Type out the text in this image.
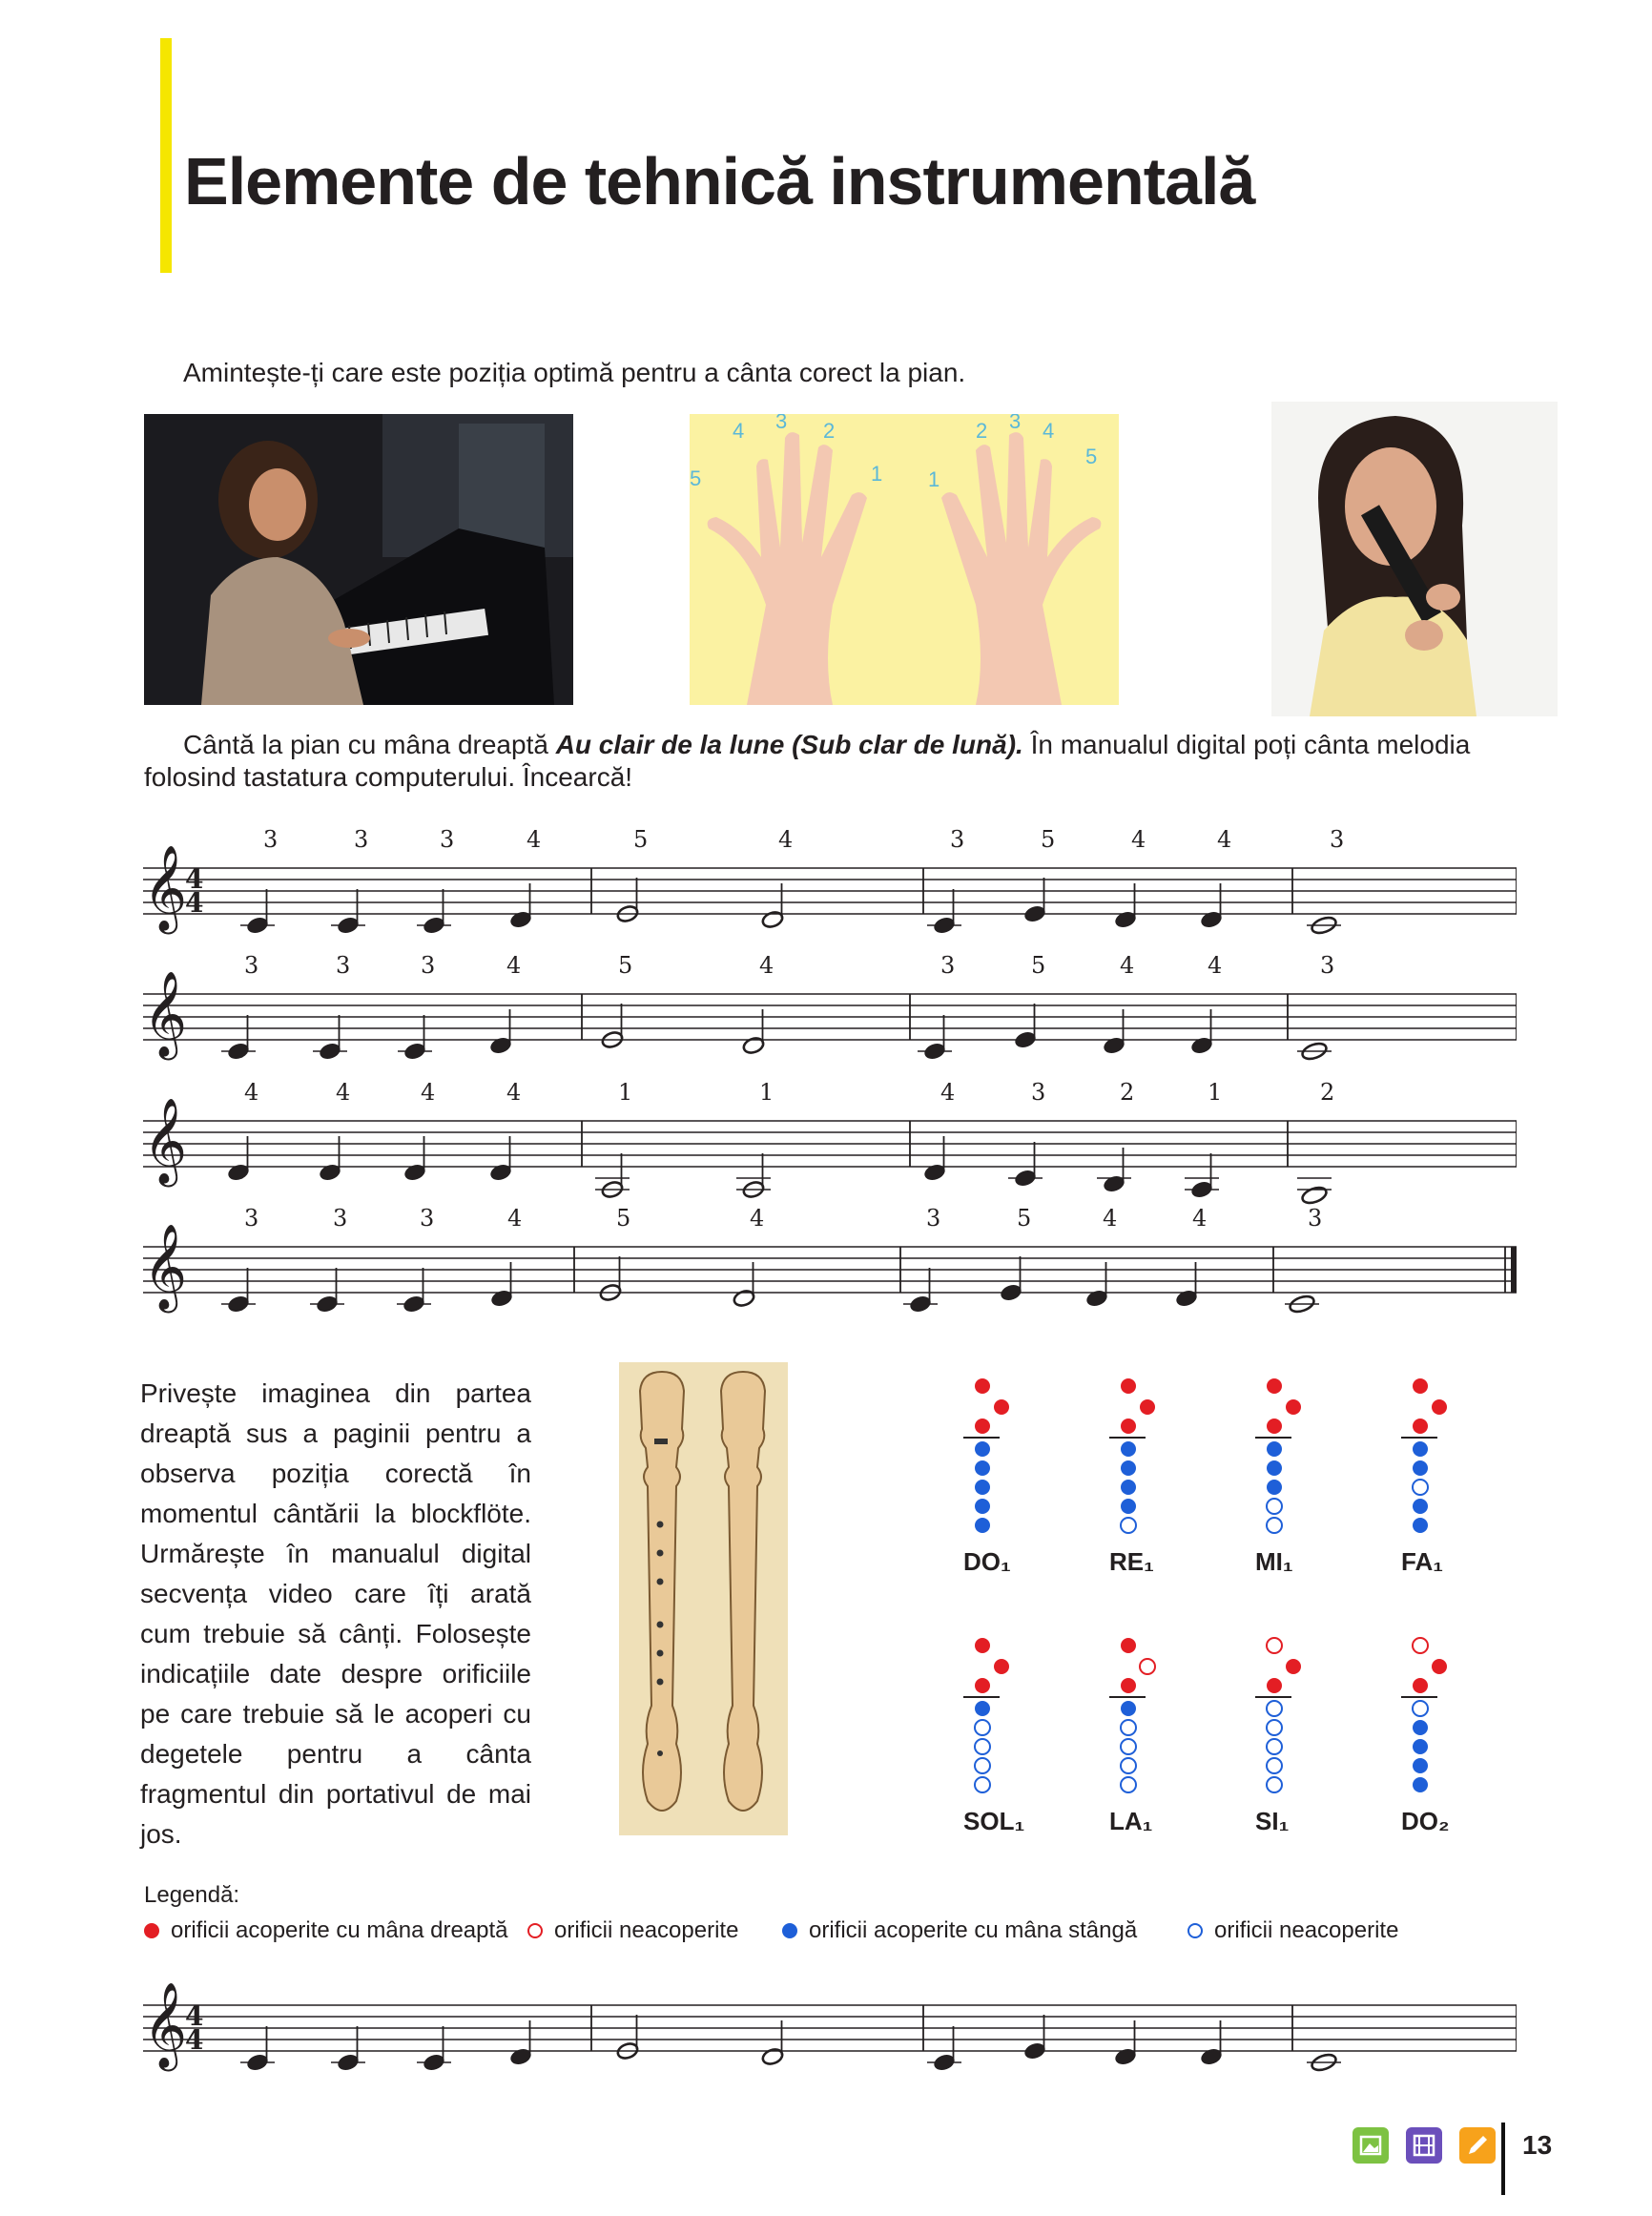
Elemente de tehnică instrumentală
Amintește-ți care este poziția optimă pentru a cânta corect la pian.
5
4 3 2
1 1
2 3 4
5
Cântă la pian cu mâna dreaptă Au clair de la lune (Sub clar de lună). În manualul digital poți cânta melodia folosind tastatura computerului. Încearcă!
𝄞
4
4
3	3	3	4	5	4	3	5	4	4	3
𝄞
3	3	3	4	5	4	3	5	4	4	3
𝄞
4	4	4	4	1	1	4	3	2	1	2
𝄞
3	3	3	4	5	4	3	5	4	4	3
Privește imaginea din partea dreaptă sus a paginii pentru a observa poziția corectă în momentul cântării la blockflöte. Urmărește în manualul digital secvența video care îți arată cum trebuie să cânți. Folosește indicațiile date despre orificiile pe care trebuie să le acoperi cu degetele pentru a cânta fragmentul din portativul de mai jos.
DO₁	RE₁	MI₁	FA₁
SOL₁	LA₁	SI₁	DO₂
Legendă:
orificii acoperite cu mâna dreaptă	orificii neacoperite	orificii acoperite cu mâna stângă	orificii neacoperite
𝄞
4
4
13
